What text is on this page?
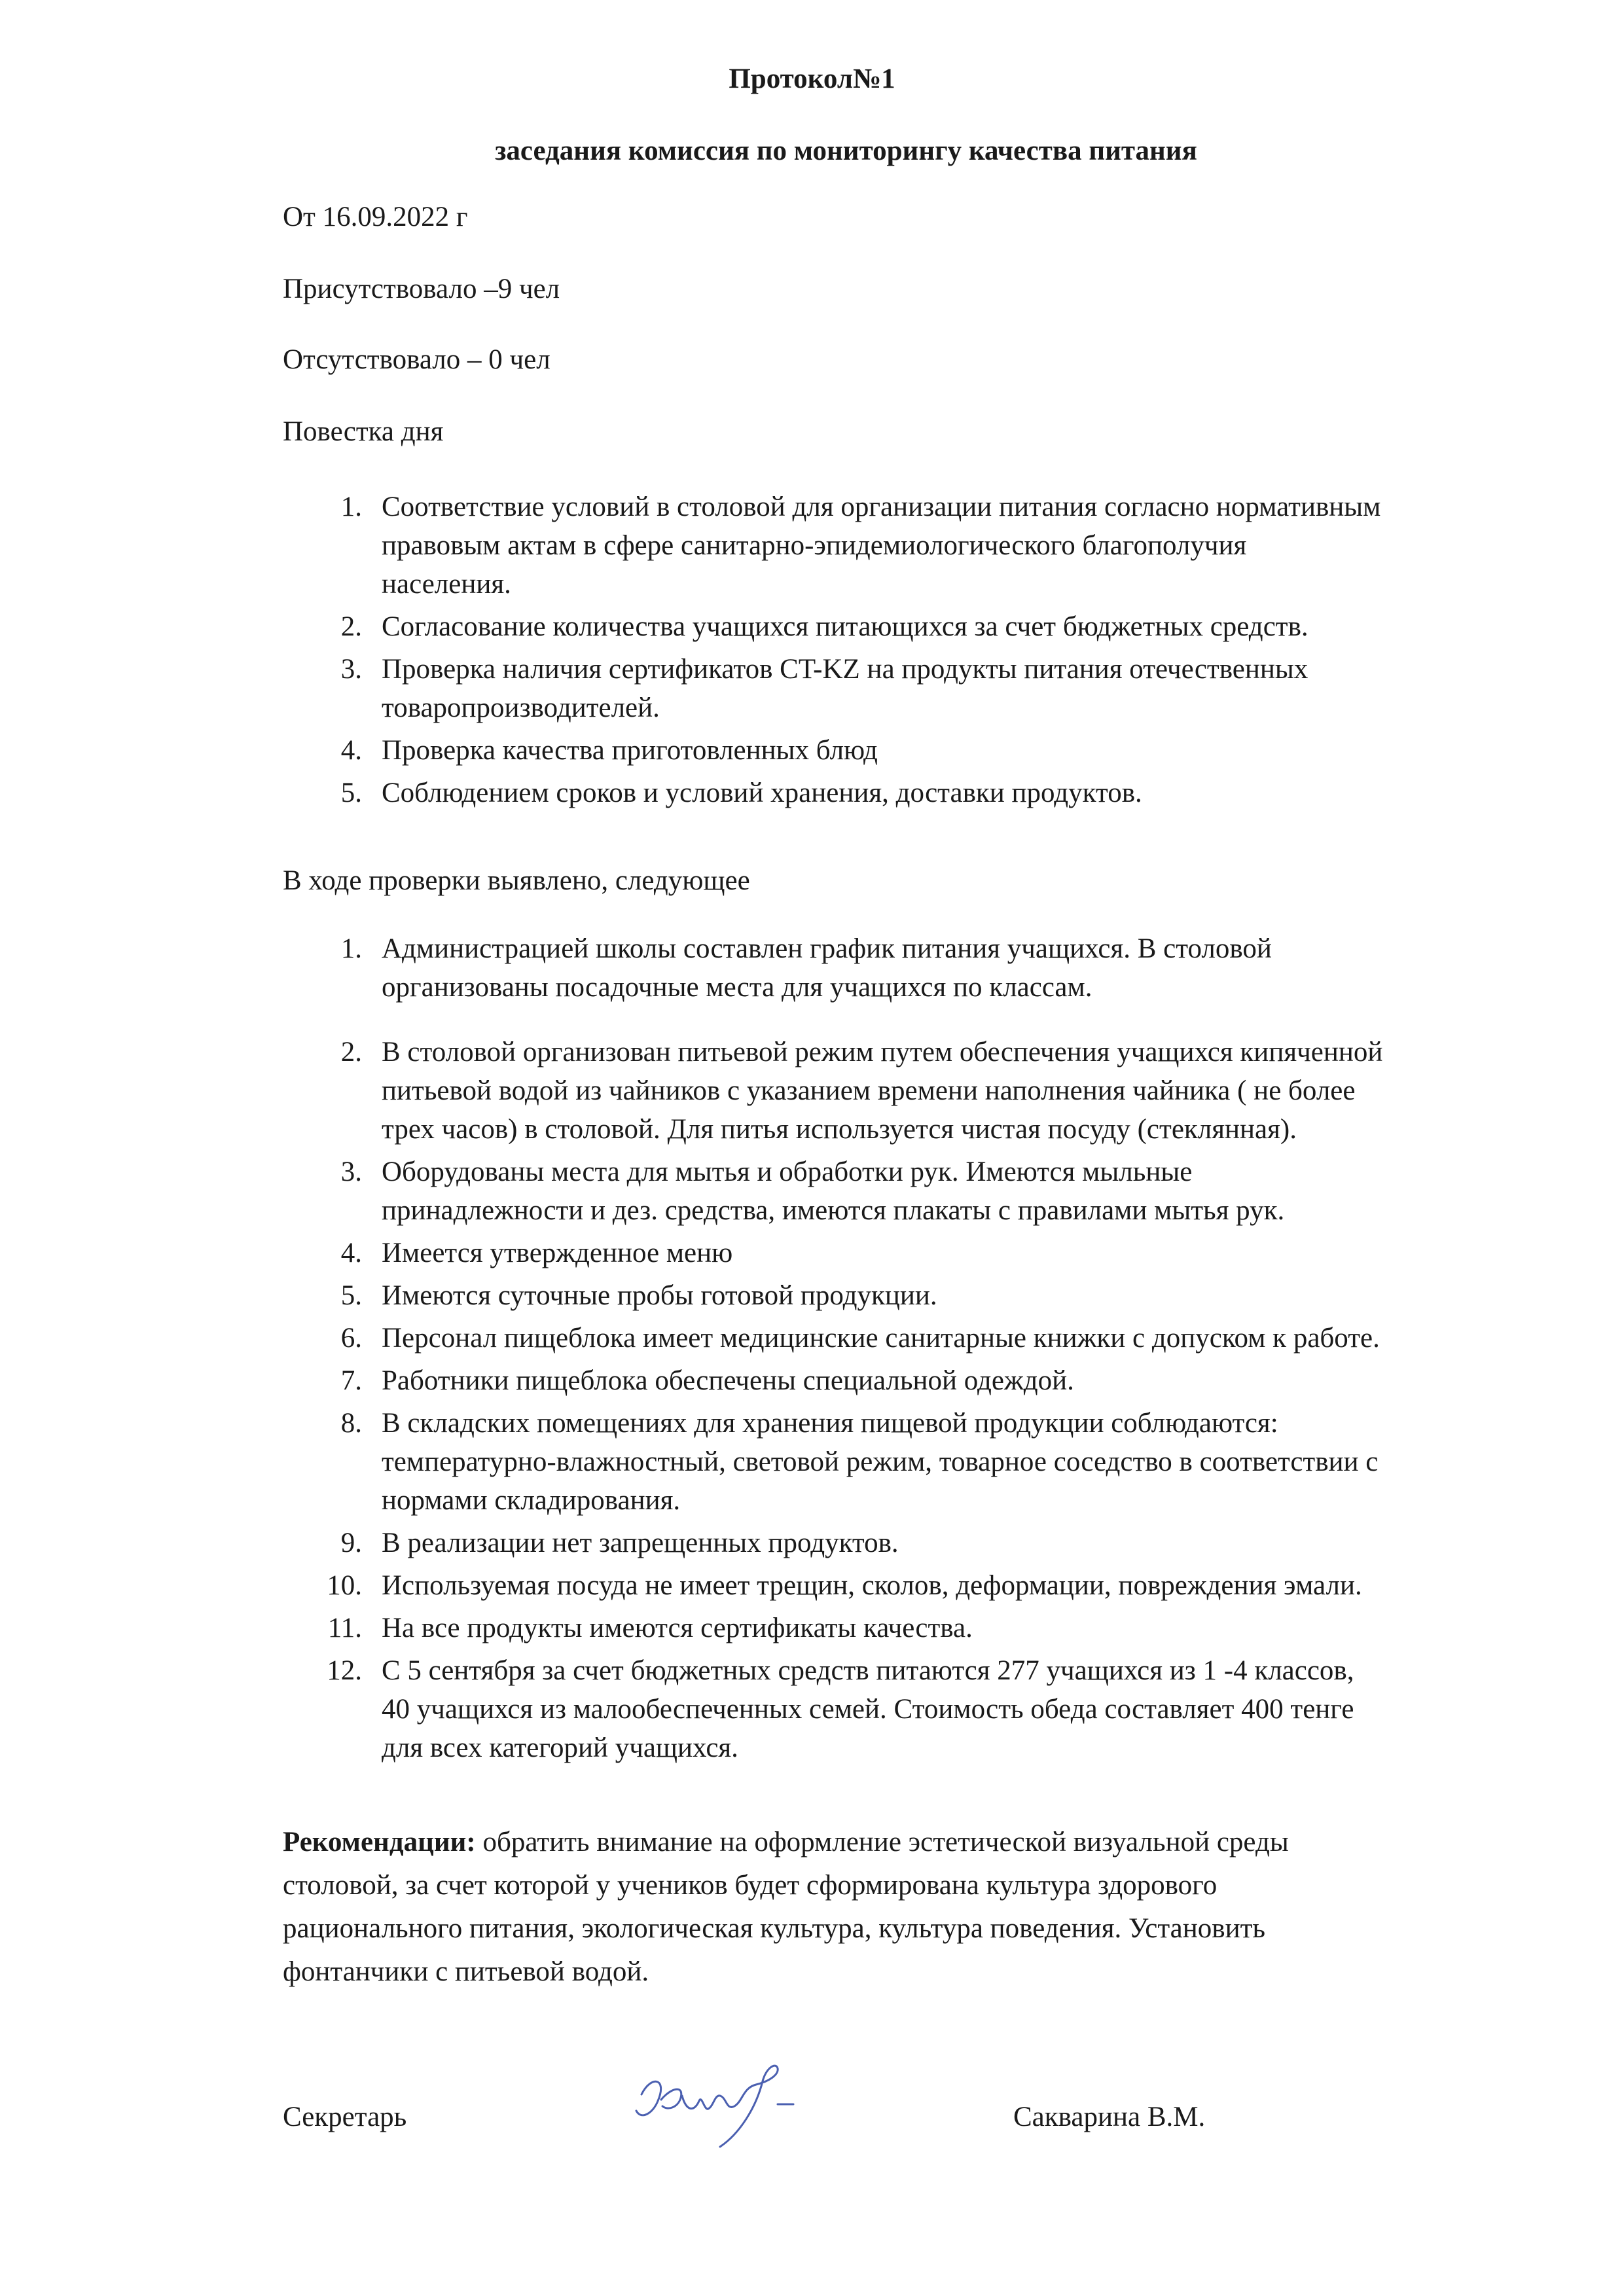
Протокол№1
заседания комиссия по мониторингу качества питания
От 16.09.2022 г
Присутствовало –9 чел
Отсутствовало – 0 чел
Повестка дня
1. Соответствие условий в столовой для организации питания согласно нормативным
правовым актам в сфере санитарно-эпидемиологического благополучия
населения.
2. Согласование количества учащихся питающихся за счет бюджетных средств.
3. Проверка наличия сертификатов CT-KZ на продукты питания отечественных
товаропроизводителей.
4. Проверка качества приготовленных блюд
5. Соблюдением сроков и условий хранения, доставки продуктов.
В ходе проверки выявлено, следующее
1. Администрацией школы составлен график питания учащихся. В столовой
организованы посадочные места для учащихся по классам.
2. В столовой организован питьевой режим путем обеспечения учащихся кипяченной
питьевой водой из чайников с указанием времени наполнения чайника ( не более
трех часов) в столовой. Для питья используется чистая посуду (стеклянная).
3. Оборудованы места для мытья и обработки рук. Имеются мыльные
принадлежности и дез. средства, имеются плакаты с правилами мытья рук.
4. Имеется утвержденное меню
5. Имеются суточные пробы готовой продукции.
6. Персонал пищеблока имеет медицинские санитарные книжки с допуском к работе.
7. Работники пищеблока обеспечены специальной одеждой.
8. В складских помещениях для хранения пищевой продукции соблюдаются:
температурно-влажностный, световой режим, товарное соседство в соответствии с
нормами складирования.
9. В реализации нет запрещенных продуктов.
10. Используемая посуда не имеет трещин, сколов, деформации, повреждения эмали.
11. На все продукты имеются сертификаты качества.
12. С 5 сентября за счет бюджетных средств питаются 277 учащихся из 1 -4 классов,
40 учащихся из малообеспеченных семей. Стоимость обеда составляет 400 тенге
для всех категорий учащихся.
Рекомендации: обратить внимание на оформление эстетической визуальной среды
столовой, за счет которой у учеников будет сформирована культура здорового
рационального питания, экологическая культура, культура поведения. Установить
фонтанчики с питьевой водой.
Секретарь	Сакварина В.М.
